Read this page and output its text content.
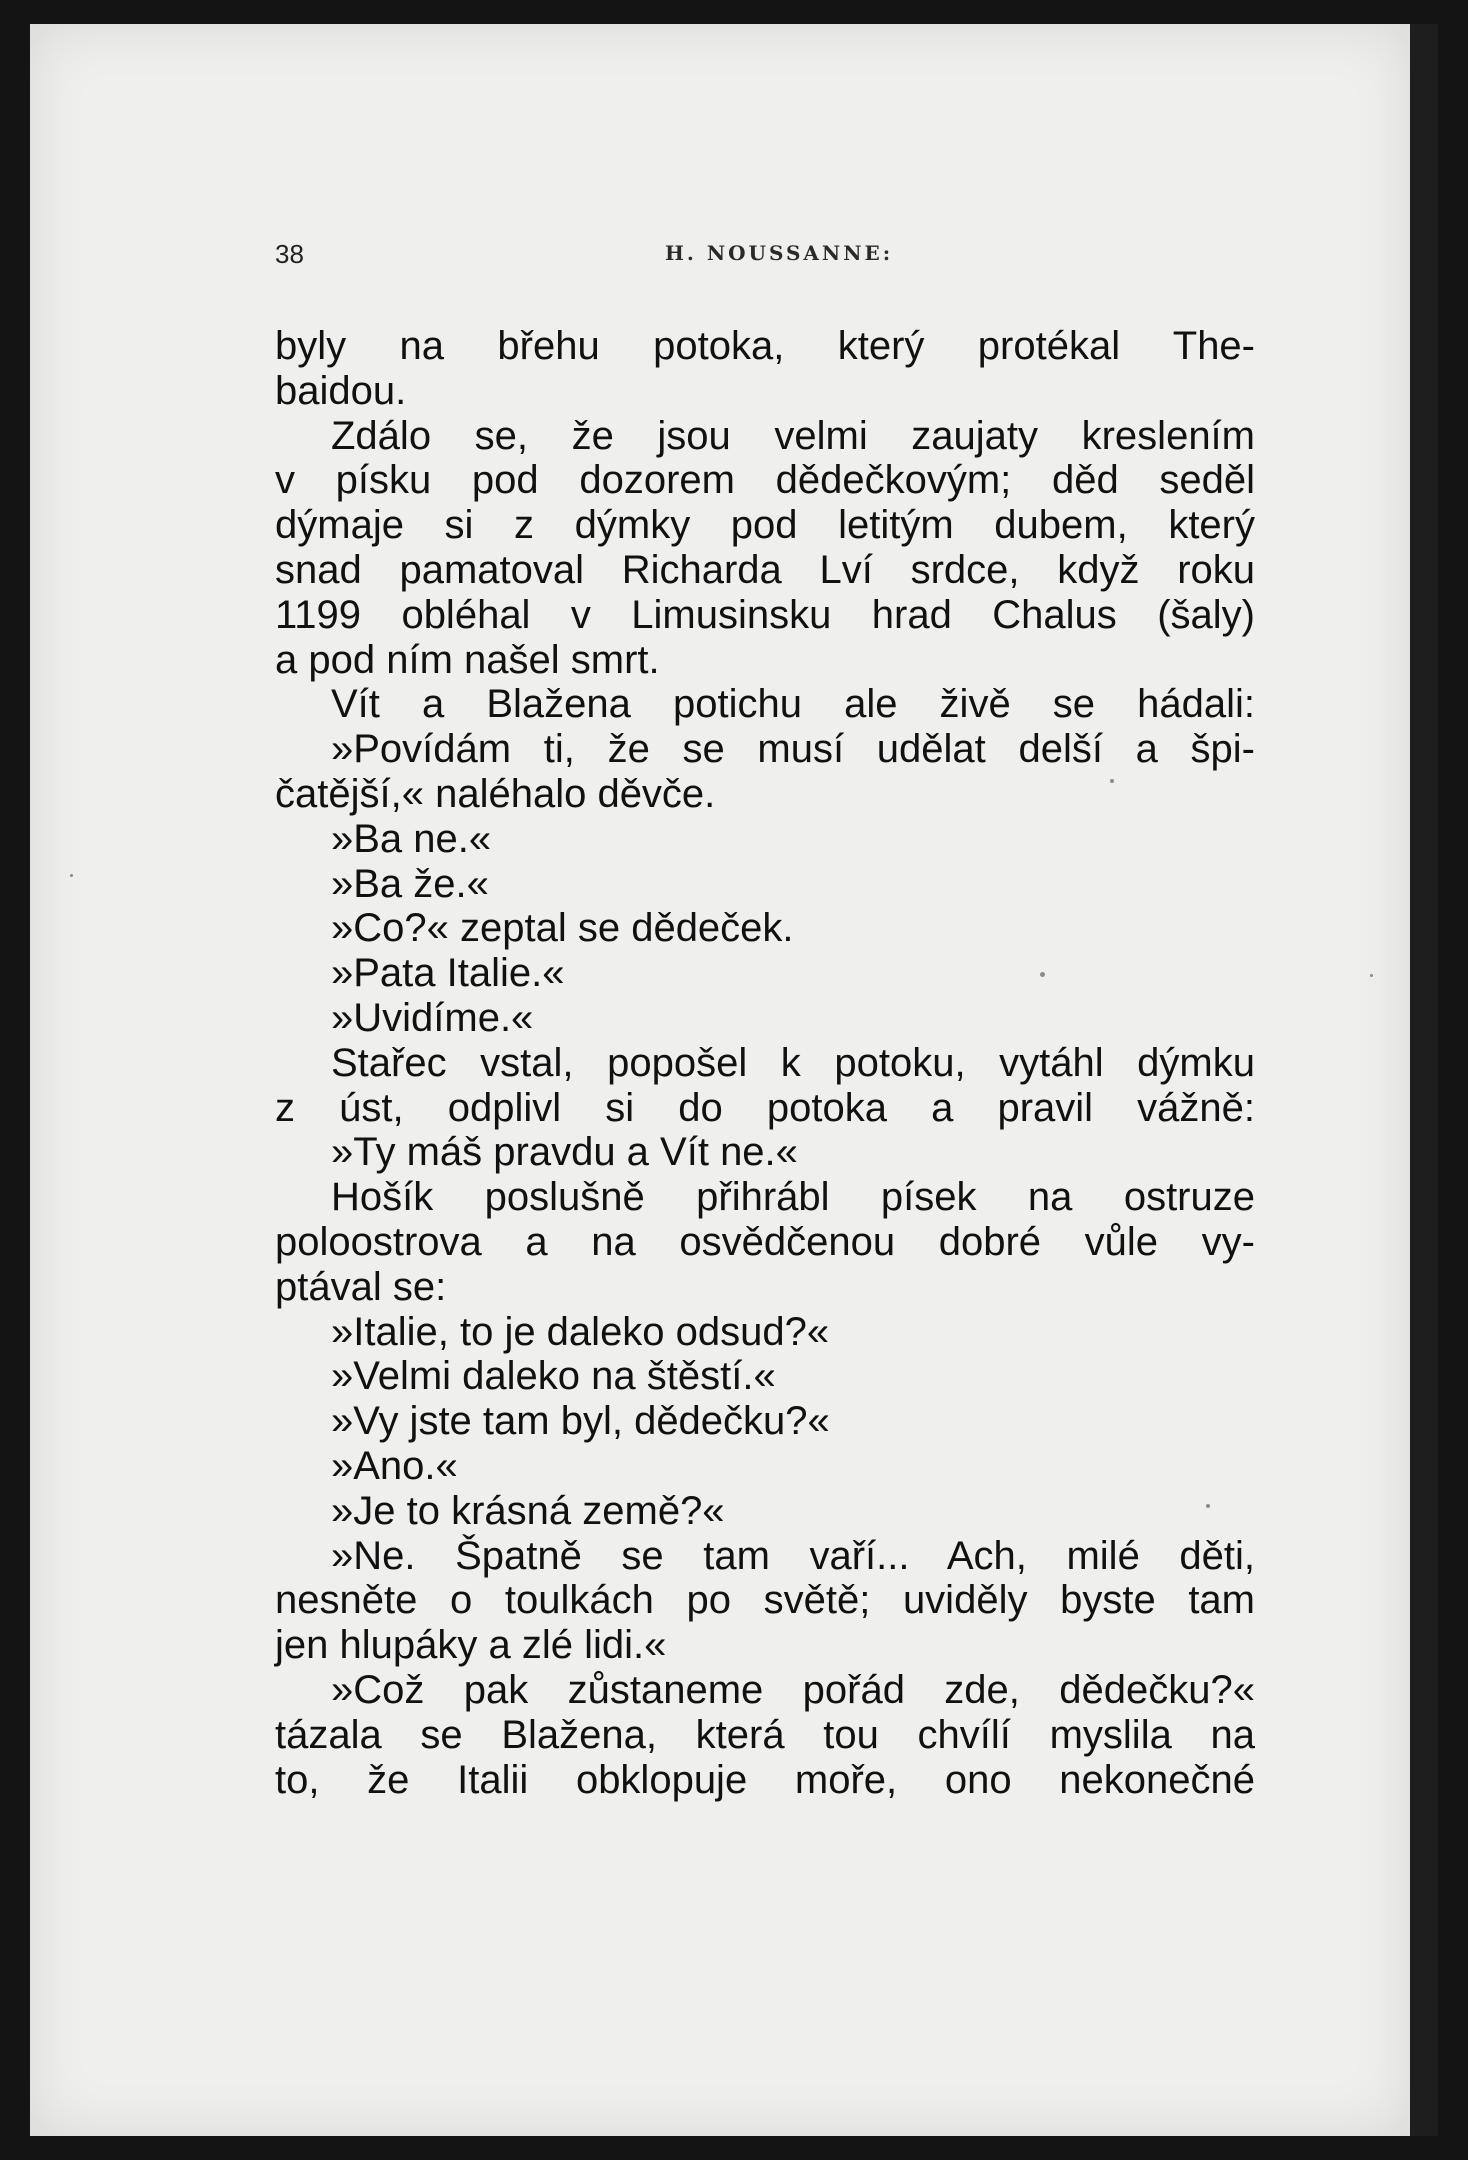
38	H. NOUSSANNE:
byly na břehu potoka, který protékal The-
baidou.
Zdálo se, že jsou velmi zaujaty kreslením
v písku pod dozorem dědečkovým; děd seděl
dýmaje si z dýmky pod letitým dubem, který
snad pamatoval Richarda Lví srdce, když roku
1199 obléhal v Limusinsku hrad Chalus (šaly)
a pod ním našel smrt.
Vít a Blažena potichu ale živě se hádali:
»Povídám ti, že se musí udělat delší a špi-
čatější,« naléhalo děvče.
»Ba ne.«
»Ba že.«
»Co?« zeptal se dědeček.
»Pata Italie.«
»Uvidíme.«
Stařec vstal, popošel k potoku, vytáhl dýmku
z úst, odplivl si do potoka a pravil vážně:
»Ty máš pravdu a Vít ne.«
Hošík poslušně přihrábl písek na ostruze
poloostrova a na osvědčenou dobré vůle vy-
ptával se:
»Italie, to je daleko odsud?«
»Velmi daleko na štěstí.«
»Vy jste tam byl, dědečku?«
»Ano.«
»Je to krásná země?«
»Ne. Špatně se tam vaří... Ach, milé děti,
nesněte o toulkách po světě; uviděly byste tam
jen hlupáky a zlé lidi.«
»Což pak zůstaneme pořád zde, dědečku?«
tázala se Blažena, která tou chvílí myslila na
to, že Italii obklopuje moře, ono nekonečné
